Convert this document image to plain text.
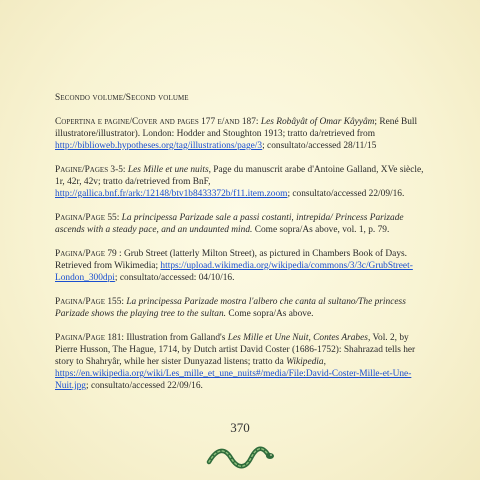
Secondo volume/Second volume
Copertina e pagine/Cover and pages 177 e/and 187: Les Robâyât of Omar Kâyyâm; René Bull illustratore/illustrator). London: Hodder and Stoughton 1913; tratto da/retrieved from http://biblioweb.hypotheses.org/tag/illustrations/page/3; consultato/accessed 28/11/15
Pagine/Pages 3-5: Les Mille et une nuits, Page du manuscrit arabe d'Antoine Galland, XVe siècle, 1r, 42r, 42v; tratto da/retrieved from BnF, http://gallica.bnf.fr/ark:/12148/btv1b8433372b/f11.item.zoom; consultato/accessed 22/09/16.
Pagina/Page 55: La principessa Parizade sale a passi costanti, intrepida/ Princess Parizade ascends with a steady pace, and an undaunted mind. Come sopra/As above, vol. 1, p. 79.
Pagina/Page 79 : Grub Street (latterly Milton Street), as pictured in Chambers Book of Days. Retrieved from Wikimedia; https://upload.wikimedia.org/wikipedia/commons/3/3c/GrubStreet-London_300dpi; consultato/accessed: 04/10/16.
Pagina/Page 155: La principessa Parizade mostra l'albero che canta al sultano/The princess Parizade shows the playing tree to the sultan. Come sopra/As above.
Pagina/Page 181: Illustration from Galland's Les Mille et Une Nuit, Contes Arabes, Vol. 2, by Pierre Husson, The Hague, 1714, by Dutch artist David Coster (1686-1752): Shahrazad tells her story to Shahryâr, while her sister Dunyazad listens; tratto da Wikipedia, https://en.wikipedia.org/wiki/Les_mille_et_une_nuits#/media/File:David-Coster-Mille-et-Une-Nuit.jpg; consultato/accessed 22/09/16.
370
